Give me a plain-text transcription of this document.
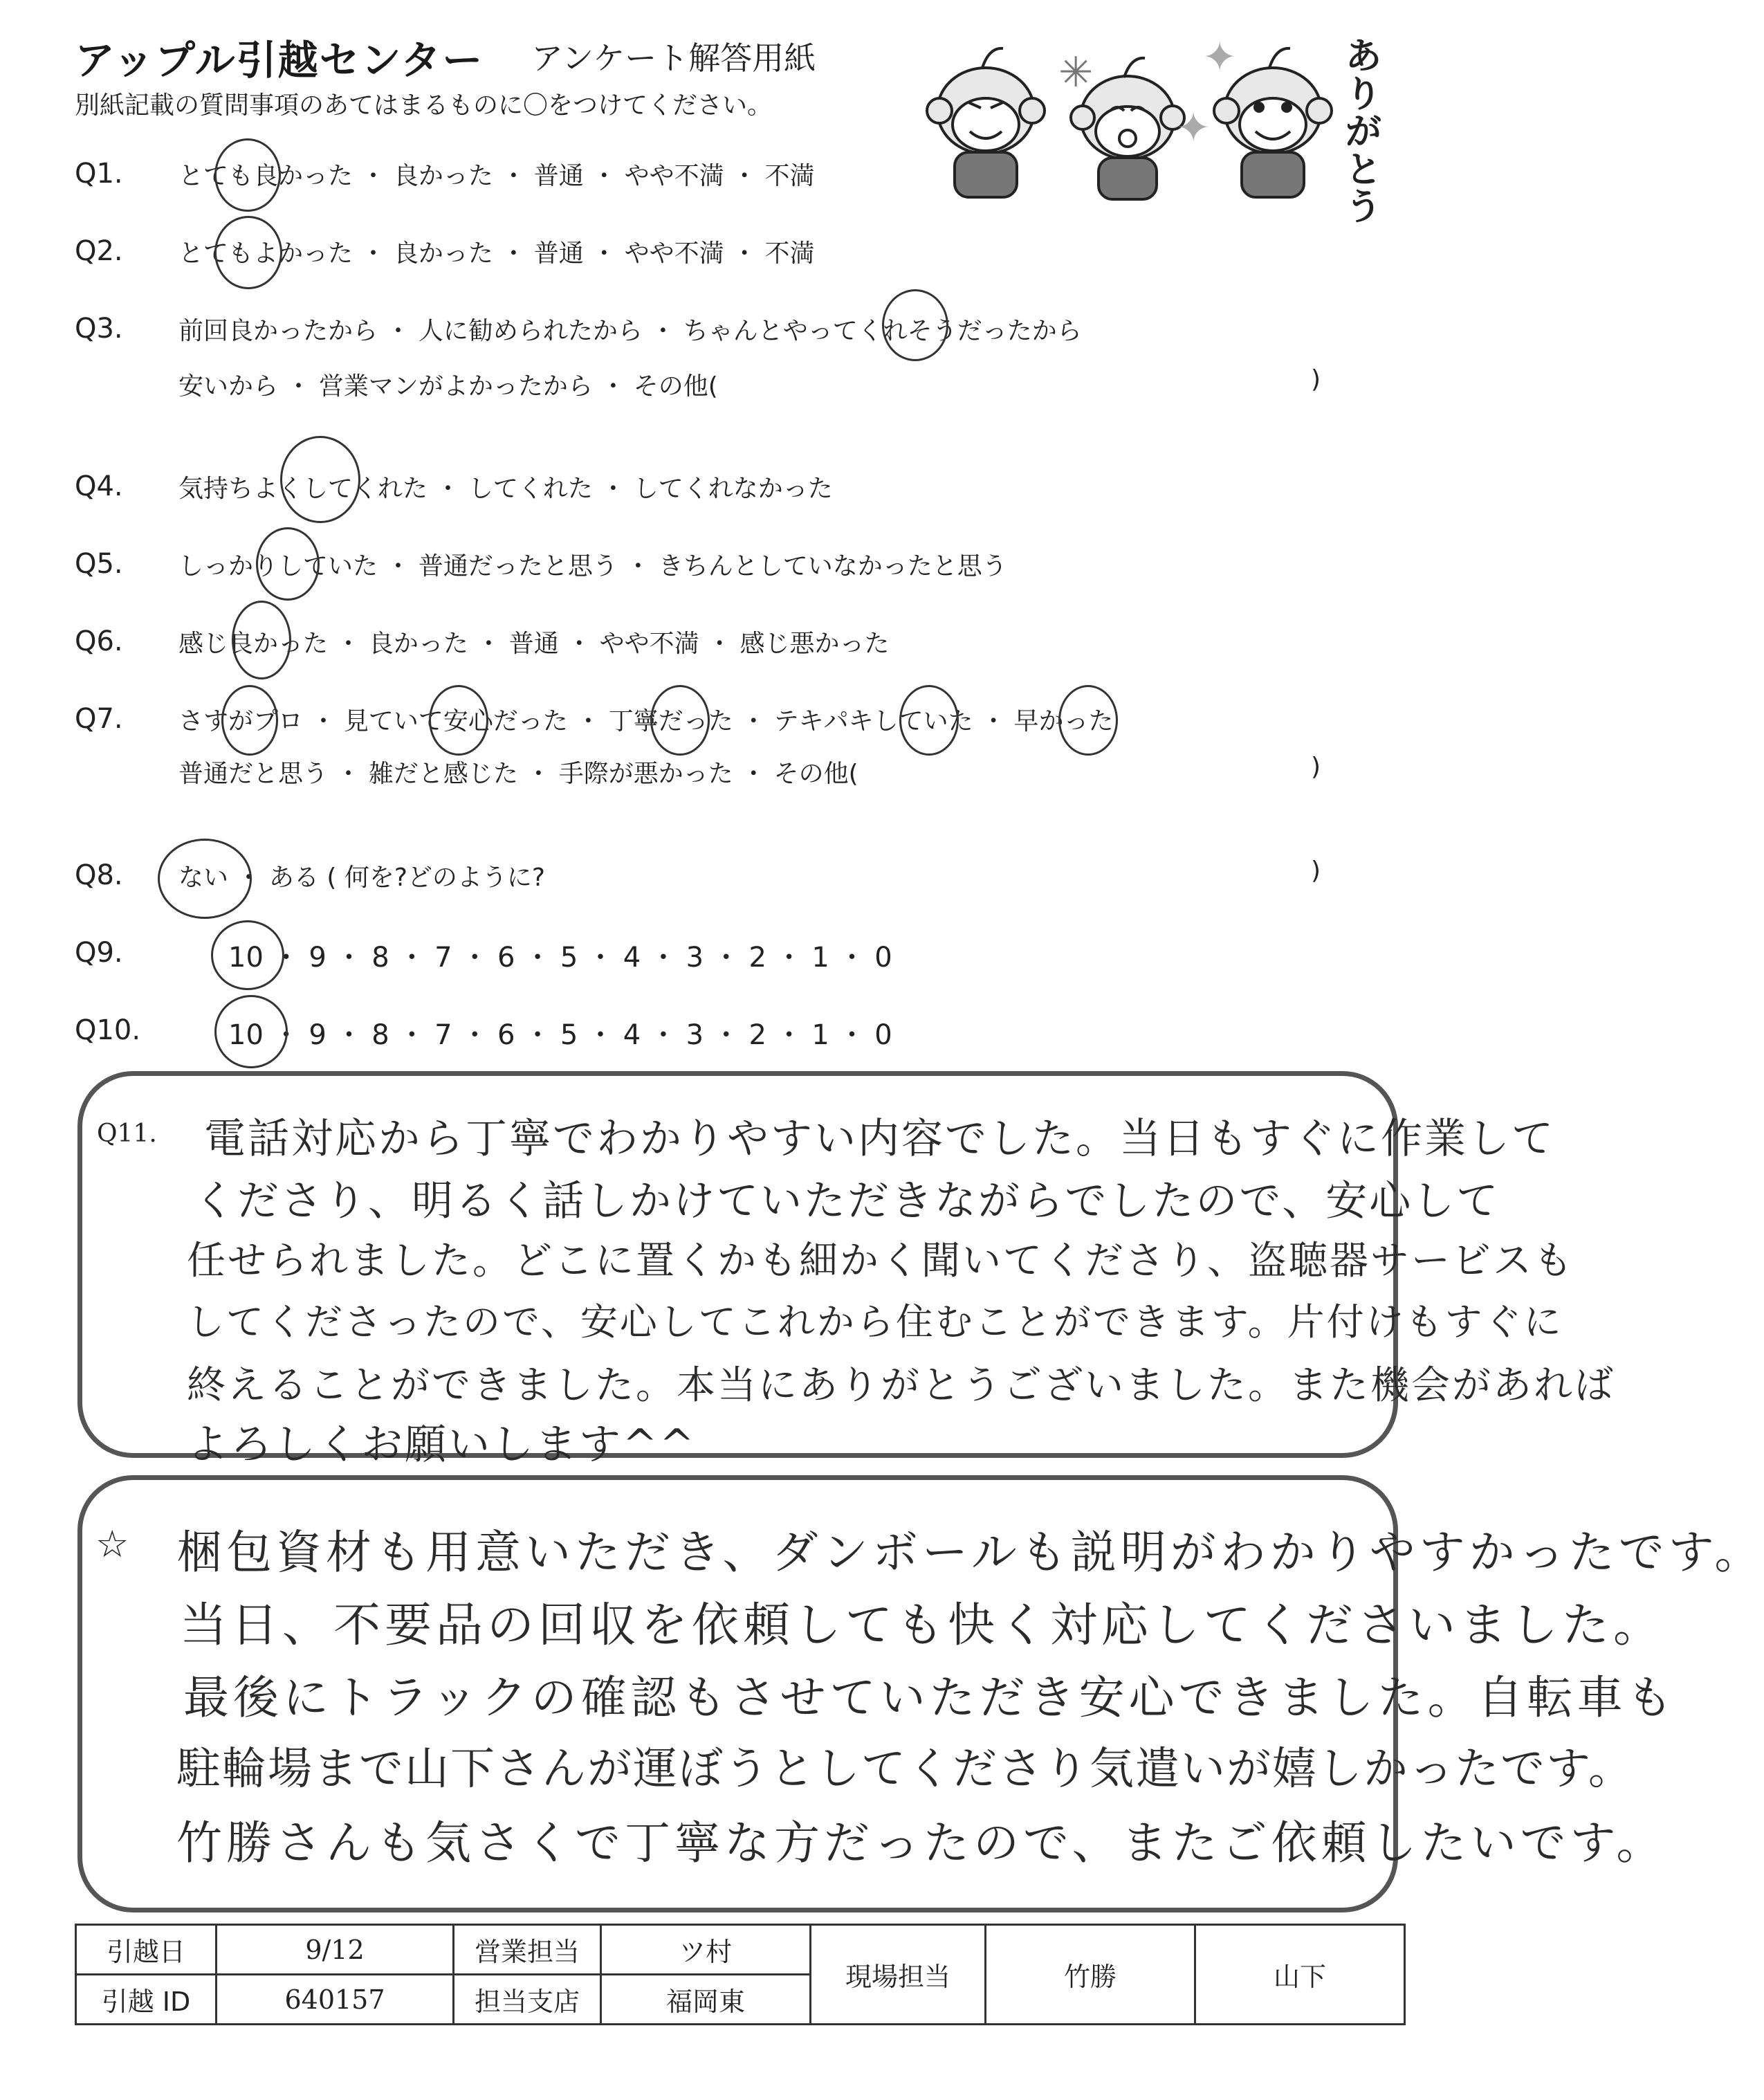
アップル引越センター アンケート解答用紙
別紙記載の質問事項のあてはまるものに〇をつけてください。
✦
✦
✳	ありがとう
Q1. とても良かった ・ 良かった ・ 普通 ・ やや不満 ・ 不満
Q2. とてもよかった ・ 良かった ・ 普通 ・ やや不満 ・ 不満
Q3. 前回良かったから ・ 人に勧められたから ・ ちゃんとやってくれそうだったから
安いから ・ 営業マンがよかったから ・ その他(	)
Q4. 気持ちよくしてくれた ・ してくれた ・ してくれなかった
Q5. しっかりしていた ・ 普通だったと思う ・ きちんとしていなかったと思う
Q6. 感じ良かった ・ 良かった ・ 普通 ・ やや不満 ・ 感じ悪かった
Q7. さすがプロ ・ 見ていて安心だった ・ 丁寧だった ・ テキパキしていた ・ 早かった
普通だと思う ・ 雑だと感じた ・ 手際が悪かった ・ その他(	)
Q8. ない ・ ある ( 何を?どのように?	)
Q9.	10 ・ 9 ・ 8 ・ 7 ・ 6 ・ 5 ・ 4 ・ 3 ・ 2 ・ 1 ・ 0
Q10.	10 ・ 9 ・ 8 ・ 7 ・ 6 ・ 5 ・ 4 ・ 3 ・ 2 ・ 1 ・ 0
Q11. 電話対応から丁寧でわかりやすい内容でした。当日もすぐに作業して
くださり、明るく話しかけていただきながらでしたので、安心して
任せられました。どこに置くかも細かく聞いてくださり、盗聴器サービスも
してくださったので、安心してこれから住むことができます。片付けもすぐに
終えることができました。本当にありがとうございました。また機会があれば
よろしくお願いします^^
☆ 梱包資材も用意いただき、ダンボールも説明がわかりやすかったです。
当日、不要品の回収を依頼しても快く対応してくださいました。
最後にトラックの確認もさせていただき安心できました。自転車も
駐輪場まで山下さんが運ぼうとしてくださり気遣いが嬉しかったです。
竹勝さんも気さくで丁寧な方だったので、またご依頼したいです。
引越日	9/12	営業担当	ツ村	現場担当	竹勝	山下
引越 ID	640157	担当支店	福岡東			
